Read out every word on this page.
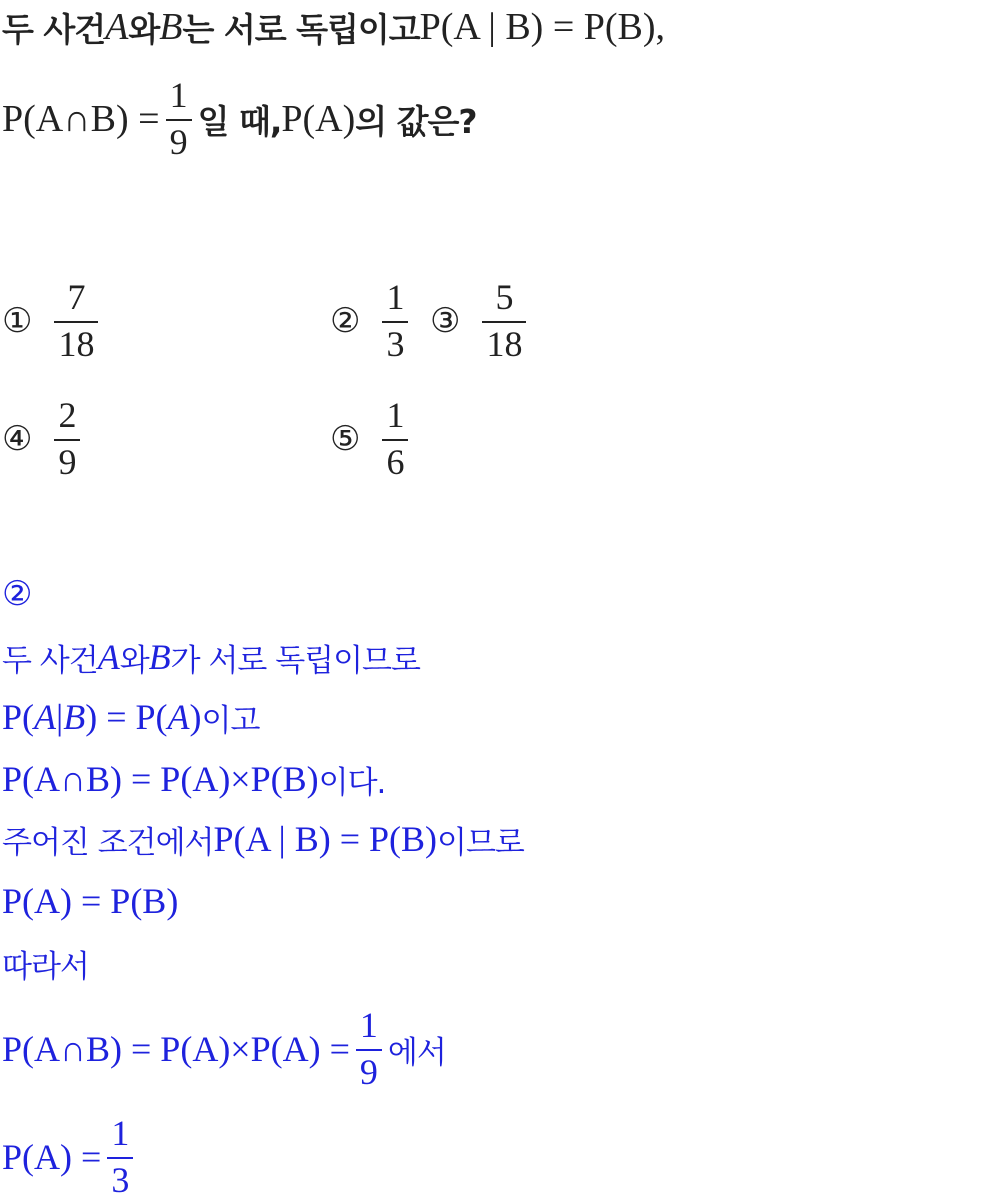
두 사건 A 와 B 는 서로 독립이고 P(A | B) = P(B),
P(A∩B) = $\frac{1}{9}$ 일 때, P(A) 의 값은?
① $\frac{7}{18}$	② $\frac{1}{3}$ ③ $\frac{5}{18}$
④ $\frac{2}{9}$	⑤ $\frac{1}{6}$
②
두 사건 A 와 B 가 서로 독립이므로
P( A | B ) = P( A ) 이고
P(A∩B) = P(A)×P(B) 이다.
주어진 조건에서 P(A | B) = P(B) 이므로
P(A) = P(B)
따라서
P(A∩B) = $P(A)\times P(A) = \frac{1}{9}$ 에서
$P(A) = \frac{1}{3}$
